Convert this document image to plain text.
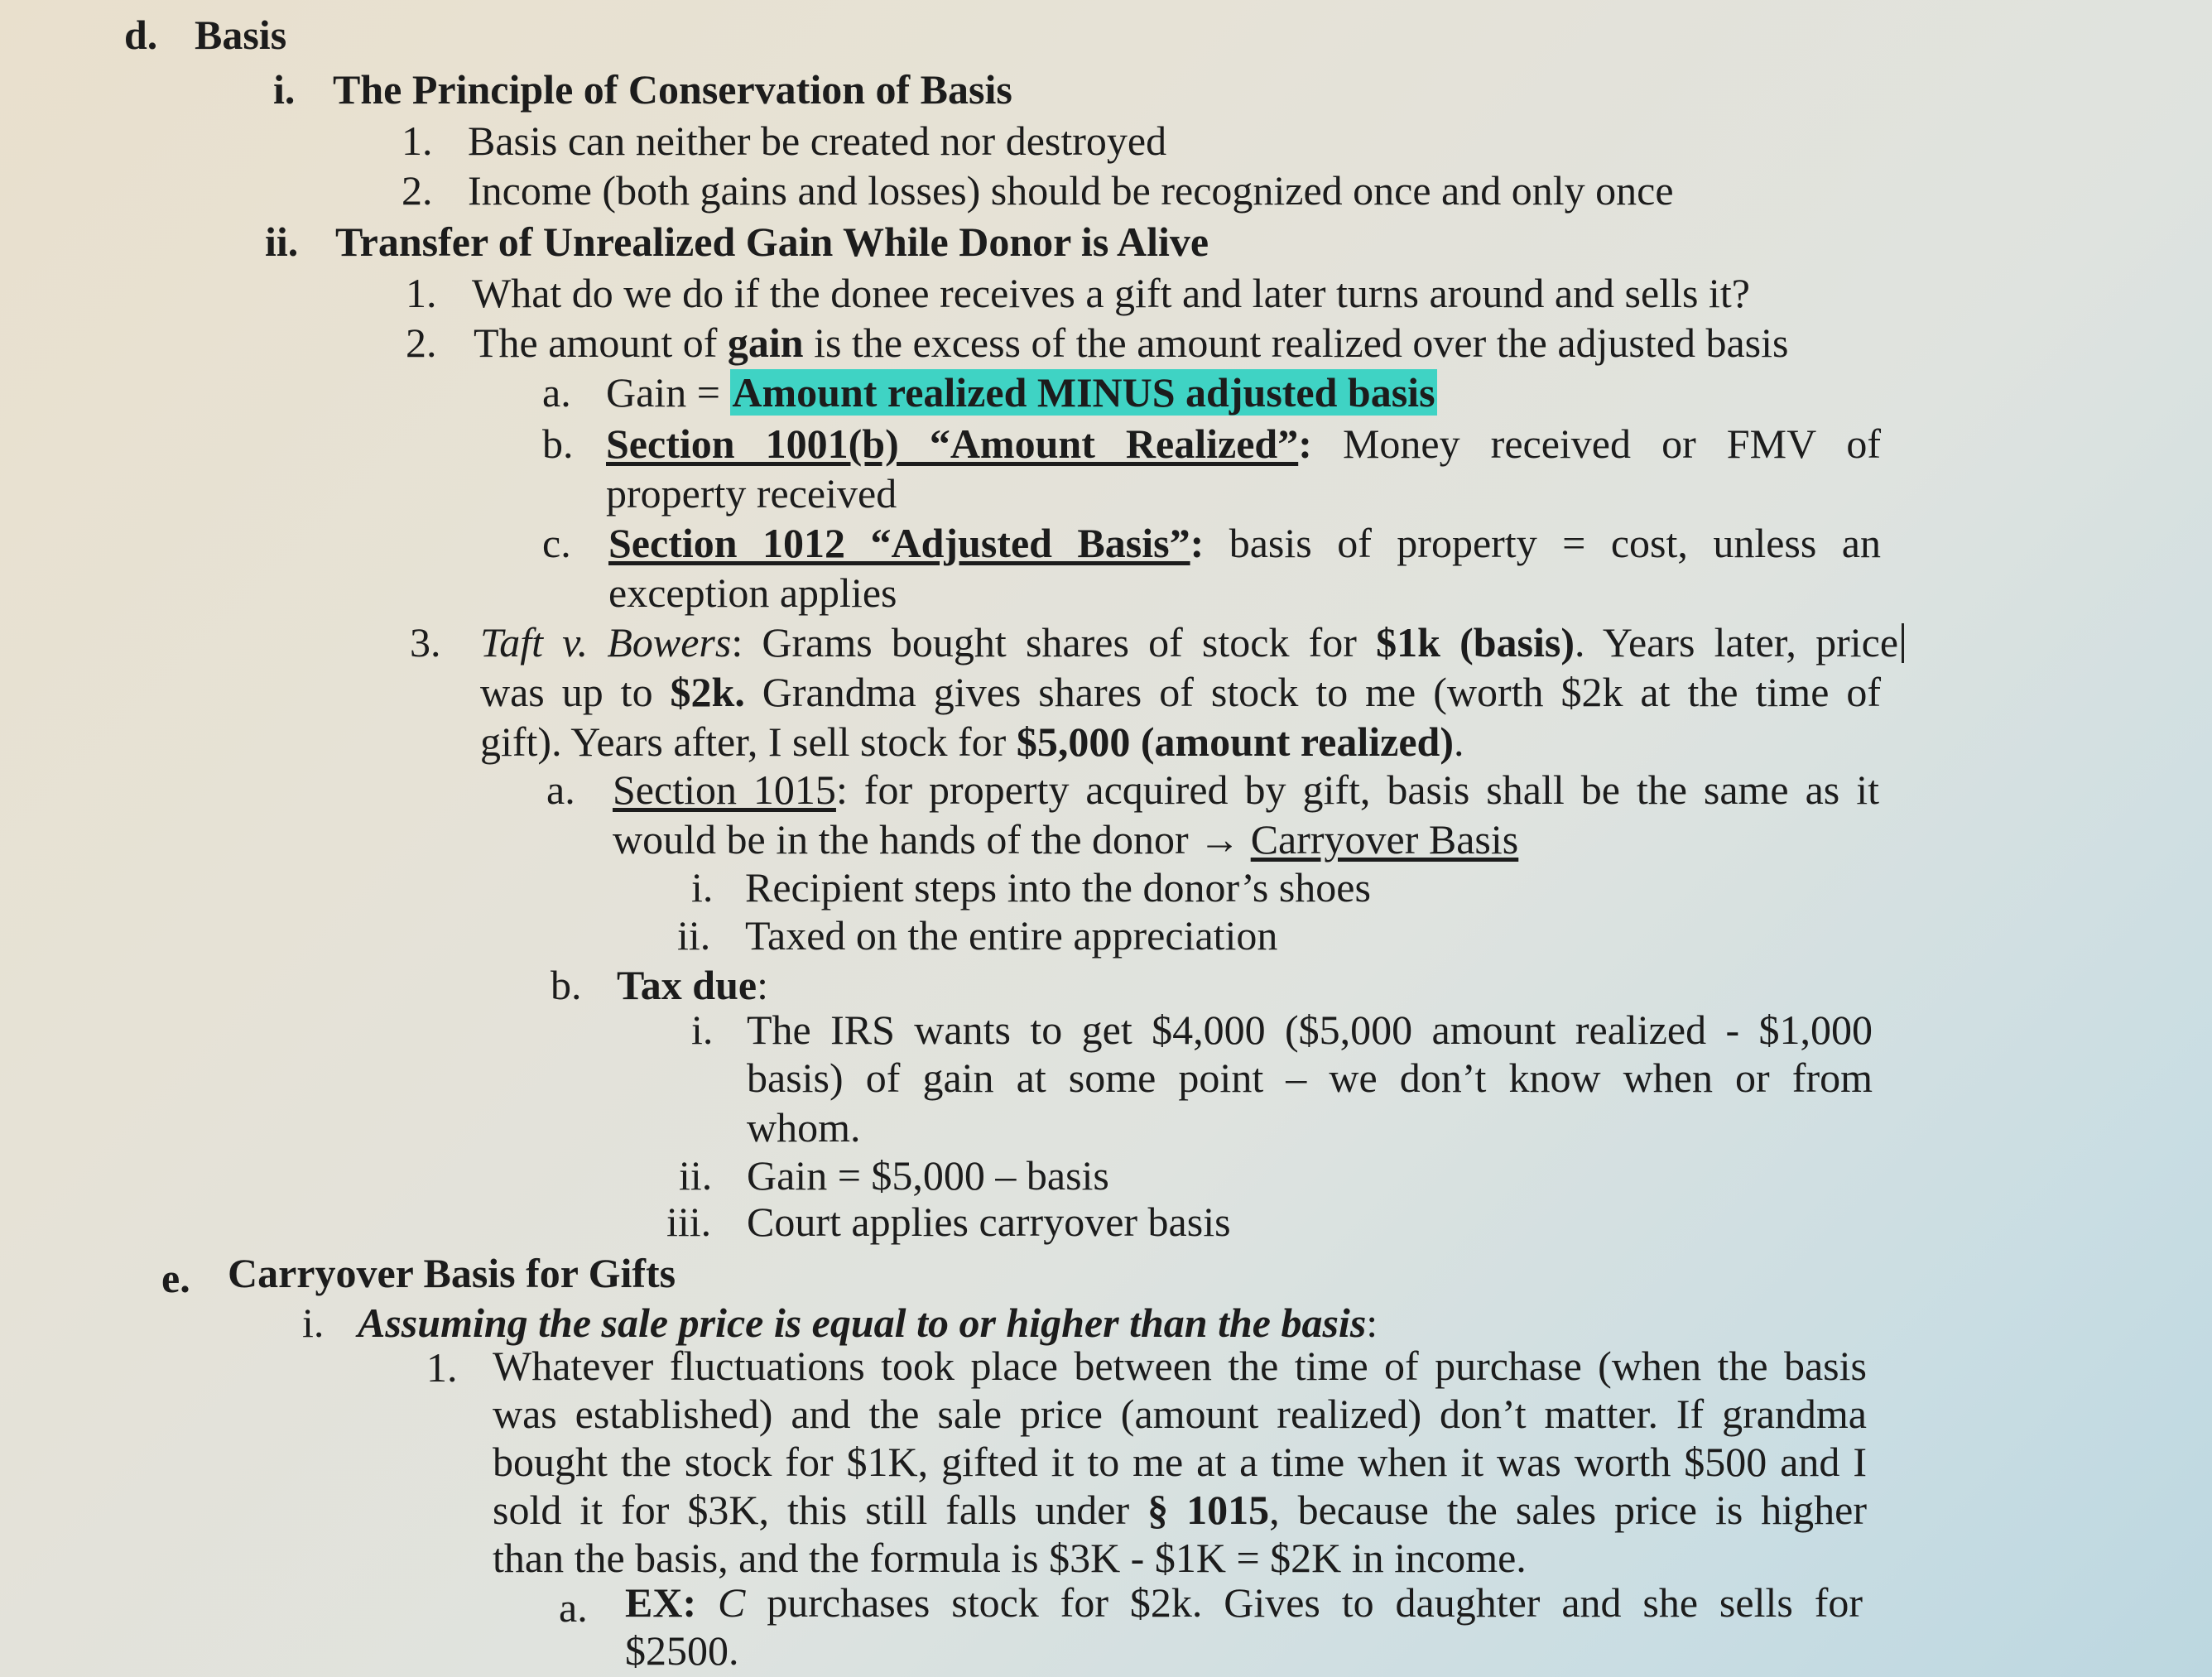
d. Basis
i. The Principle of Conservation of Basis
1. Basis can neither be created nor destroyed
2. Income (both gains and losses) should be recognized once and only once
ii. Transfer of Unrealized Gain While Donor is Alive
1. What do we do if the donee receives a gift and later turns around and sells it?
2. The amount of gain is the excess of the amount realized over the adjusted basis
a. Gain = Amount realized MINUS adjusted basis
b. Section 1001(b) “Amount Realized”: Money received or FMV of
property received
c. Section 1012 “Adjusted Basis”: basis of property = cost, unless an
exception applies
3. Taft v. Bowers: Grams bought shares of stock for $1k (basis). Years later, price
was up to $2k. Grandma gives shares of stock to me (worth $2k at the time of
gift). Years after, I sell stock for $5,000 (amount realized).
a. Section 1015: for property acquired by gift, basis shall be the same as it
would be in the hands of the donor → Carryover Basis
i. Recipient steps into the donor’s shoes
ii. Taxed on the entire appreciation
b. Tax due:
i. The IRS wants to get $4,000 ($5,000 amount realized - $1,000
basis) of gain at some point – we don’t know when or from
whom.
ii. Gain = $5,000 – basis
iii. Court applies carryover basis
e. Carryover Basis for Gifts
i. Assuming the sale price is equal to or higher than the basis:
1. Whatever fluctuations took place between the time of purchase (when the basis
was established) and the sale price (amount realized) don’t matter. If grandma
bought the stock for $1K, gifted it to me at a time when it was worth $500 and I
sold it for $3K, this still falls under § 1015, because the sales price is higher
than the basis, and the formula is $3K - $1K = $2K in income.
a. EX: C purchases stock for $2k. Gives to daughter and she sells for
$2500.
